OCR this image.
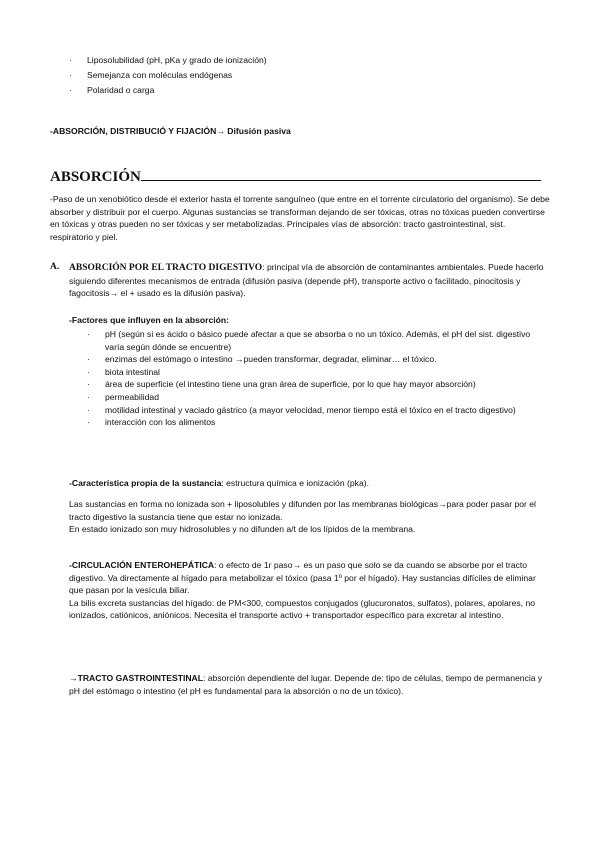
· Liposolubilidad (pH, pKa y grado de ionización)
· Semejanza con moléculas endógenas
· Polaridad o carga
-ABSORCIÓN, DISTRIBUCIÓ Y FIJACIÓN→ Difusión pasiva
ABSORCIÓN
-Paso de un xenobiótico desde el exterior hasta el torrente sanguíneo (que entre en el torrente circulatorio del organismo). Se debe absorber y distribuir por el cuerpo. Algunas sustancias se transforman dejando de ser tóxicas, otras no tóxicas pueden convertirse en tóxicas y otras pueden no ser tóxicas y ser metabolizadas. Principales vías de absorción: tracto gastrointestinal, sist. respiratorio y piel.
A. ABSORCIÓN POR EL TRACTO DIGESTIVO: principal vía de absorción de contaminantes ambientales. Puede hacerlo siguiendo diferentes mecanismos de entrada (difusión pasiva (depende pH), transporte activo o facilitado, pinocitosis y fagocitosis→ el + usado es la difusión pasiva).
-Factores que influyen en la absorción:
· pH (según si es ácido o básico puede afectar a que se absorba o no un tóxico. Además, el pH del sist. digestivo varía según dónde se encuentre)
· enzimas del estómago o intestino →pueden transformar, degradar, eliminar… el tóxico.
· biota intestinal
· área de superficie (el intestino tiene una gran área de superficie, por lo que hay mayor absorción)
· permeabilidad
· motilidad intestinal y vaciado gástrico (a mayor velocidad, menor tiempo está el tóxico en el tracto digestivo)
· interacción con los alimentos
-Característica propia de la sustancia: estructura química e ionización (pka).
Las sustancias en forma no ionizada son + liposolubles y difunden por las membranas biológicas→para poder pasar por el tracto digestivo la sustancia tiene que estar no ionizada.
En estado ionizado son muy hidrosolubles y no difunden a/t de los lípidos de la membrana.
-CIRCULACIÓN ENTEROHEPÁTICA: o efecto de 1r paso→ es un paso que solo se da cuando se absorbe por el tracto digestivo. Va directamente al hígado para metabolizar el tóxico (pasa 1º por el hígado). Hay sustancias difíciles de eliminar que pasan por la vesícula biliar.
La bilis excreta sustancias del hígado: de PM<300, compuestos conjugados (glucuronatos, sulfatos), polares, apolares, no ionizados, catiónicos, aniónicos. Necesita el transporte activo + transportador específico para excretar al intestino.
→TRACTO GASTROINTESTINAL: absorción dependiente del lugar. Depende de: tipo de células, tiempo de permanencia y pH del estómago o intestino (el pH es fundamental para la absorción o no de un tóxico).
